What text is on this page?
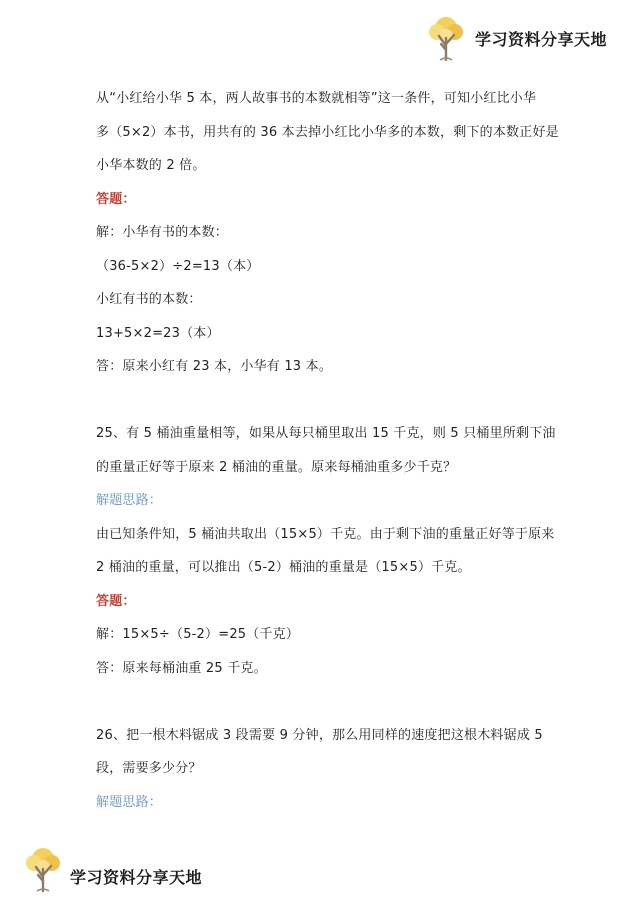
学习资料分享天地
从“小红给小华 5 本，两人故事书的本数就相等”这一条件，可知小红比小华
多（5×2）本书，用共有的 36 本去掉小红比小华多的本数，剩下的本数正好是
小华本数的 2 倍。
答题：
解：小华有书的本数：
（36-5×2）÷2=13（本）
小红有书的本数：
13+5×2=23（本）
答：原来小红有 23 本，小华有 13 本。
25、有 5 桶油重量相等，如果从每只桶里取出 15 千克，则 5 只桶里所剩下油
的重量正好等于原来 2 桶油的重量。原来每桶油重多少千克？
解题思路：
由已知条件知，5 桶油共取出（15×5）千克。由于剩下油的重量正好等于原来
2 桶油的重量，可以推出（5-2）桶油的重量是（15×5）千克。
答题：
解：15×5÷（5-2）=25（千克）
答：原来每桶油重 25 千克。
26、把一根木料锯成 3 段需要 9 分钟，那么用同样的速度把这根木料锯成 5
段，需要多少分？
解题思路：
学习资料分享天地
